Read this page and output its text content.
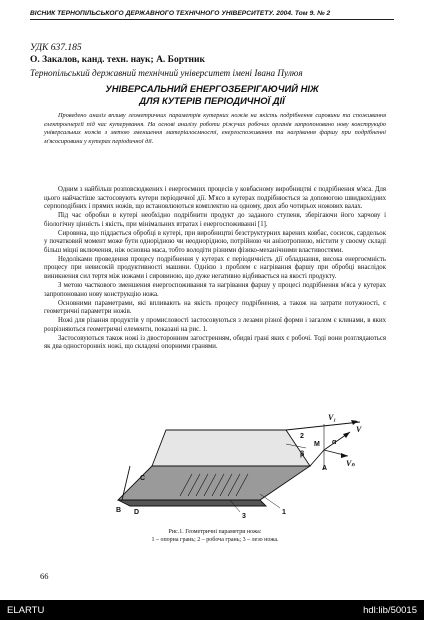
ВІСНИК ТЕРНОПІЛЬСЬКОГО ДЕРЖАВНОГО ТЕХНІЧНОГО УНІВЕРСИТЕТУ. 2004. Том 9. № 2
УДК 637.185
О. Закалов, канд. техн. наук; А. Бортник
Тернопільський державний технічний університет імені Івана Пулюя
УНІВЕРСАЛЬНИЙ ЕНЕРГОЗБЕРІГАЮЧИЙ НІЖ
ДЛЯ КУТЕРІВ ПЕРІОДИЧНОЇ ДІЇ
Проведено аналіз впливу геометричних параметрів кутерних ножів на якість подрібнення сировини та споживання електроенергії під час кутерування. На основі аналізу роботи ріжучих робочих органів запропоновано нову конструкцію універсальних ножів з метою зменшення матеріалоємності, енергоспоживання та нагрівання фаршу при подрібненні м'ясосировини у кутерах періодичної дії.

Одним з найбільш розповсюджених і енергоємних процесів у ковбасному виробництві є подрібнення м'яса. Для цього найчастіше застосовують кутери періодичної дії. М'ясо в кутерах подрібнюється за допомогою швидкохідних серпоподібних і прямих ножів, що встановлюються комплектно на одному, двох або чотирьох ножових валах.

Під час обробки в кутері необхідно подрібнити продукт до заданого ступеня, зберігаючи його харчову і біологічну цінність і якість, при мінімальних втратах і енергоспоживанні [1].

Сировина, що піддається обробці в кутері, при виробництві безструктурних варених ковбас, сосисок, сардельок у початковий момент може бути однорідною чи неоднорідною, потрійною чи анізотропною, містити у своєму складі більш міцні включення, ніж основна маса, тобто володіти різними фізико-механічними властивостями.

Недоліками проведення процесу подрібнення у кутерах є періодичність дії обладнання, висока енергоємність процесу при невисокій продуктивності машини. Однією з проблем є нагрівання фаршу при обробці внаслідок виникнення сил тертя між ножами і сировиною, що дуже негативно відбивається на якості продукту.

З метою часткового зменшення енергоспоживання та нагрівання фаршу у процесі подрібнення м'яса у кутерах запропоновано нову конструкцію ножа.

Основними параметрами, які впливають на якість процесу подрібнення, а також на затрати потужності, є геометричні параметри ножів.

Ножі для різання продуктів у промисловості застосовуються з лезами різної форми і загалом є клинами, в яких розрізняються геометричні елементи, показані на рис. 1.

Застосовуються також ножі із двосторонним загостренням, обидві грані яких є робочі. Тоді вони розглядаються як два односторонніх ножі, що складені опорними гранями.

V₁
V
Vₙ
M
A
α
β
B
C
D
2
1
3
Рис.1. Геометричні параметри ножа:
1 – опорна грань; 2 – робоча грань; 3 – лезо ножа.
66
ELARTU	hdl:lib/50015
